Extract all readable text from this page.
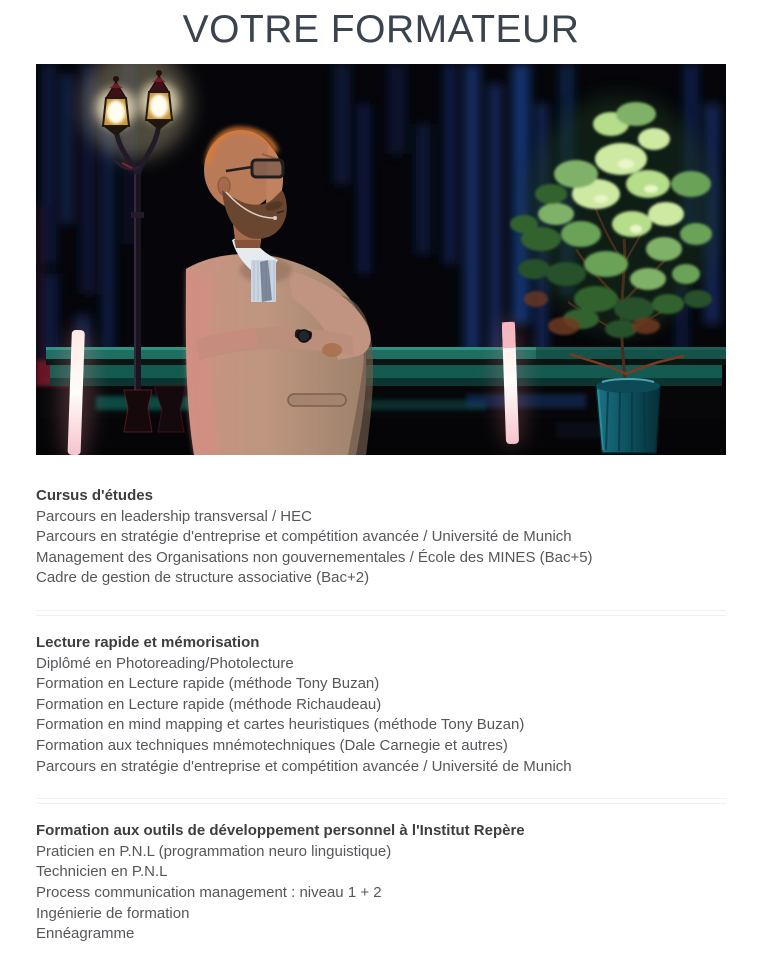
VOTRE FORMATEUR
Cursus d'études

Parcours en leadership transversal / HEC

Parcours en stratégie d'entreprise et compétition avancée / Université de Munich

Management des Organisations non gouvernementales / École des MINES (Bac+5)

Cadre de gestion de structure associative (Bac+2)

Lecture rapide et mémorisation

Diplômé en Photoreading/Photolecture

Formation en Lecture rapide (méthode Tony Buzan)

Formation en Lecture rapide (méthode Richaudeau)

Formation en mind mapping et cartes heuristiques (méthode Tony Buzan)

Formation aux techniques mnémotechniques (Dale Carnegie et autres)

Parcours en stratégie d'entreprise et compétition avancée / Université de Munich

Formation aux outils de développement personnel à l'Institut Repère

Praticien en P.N.L (programmation neuro linguistique)

Technicien en P.N.L

Process communication management : niveau 1 + 2

Ingénierie de formation

Ennéagramme
